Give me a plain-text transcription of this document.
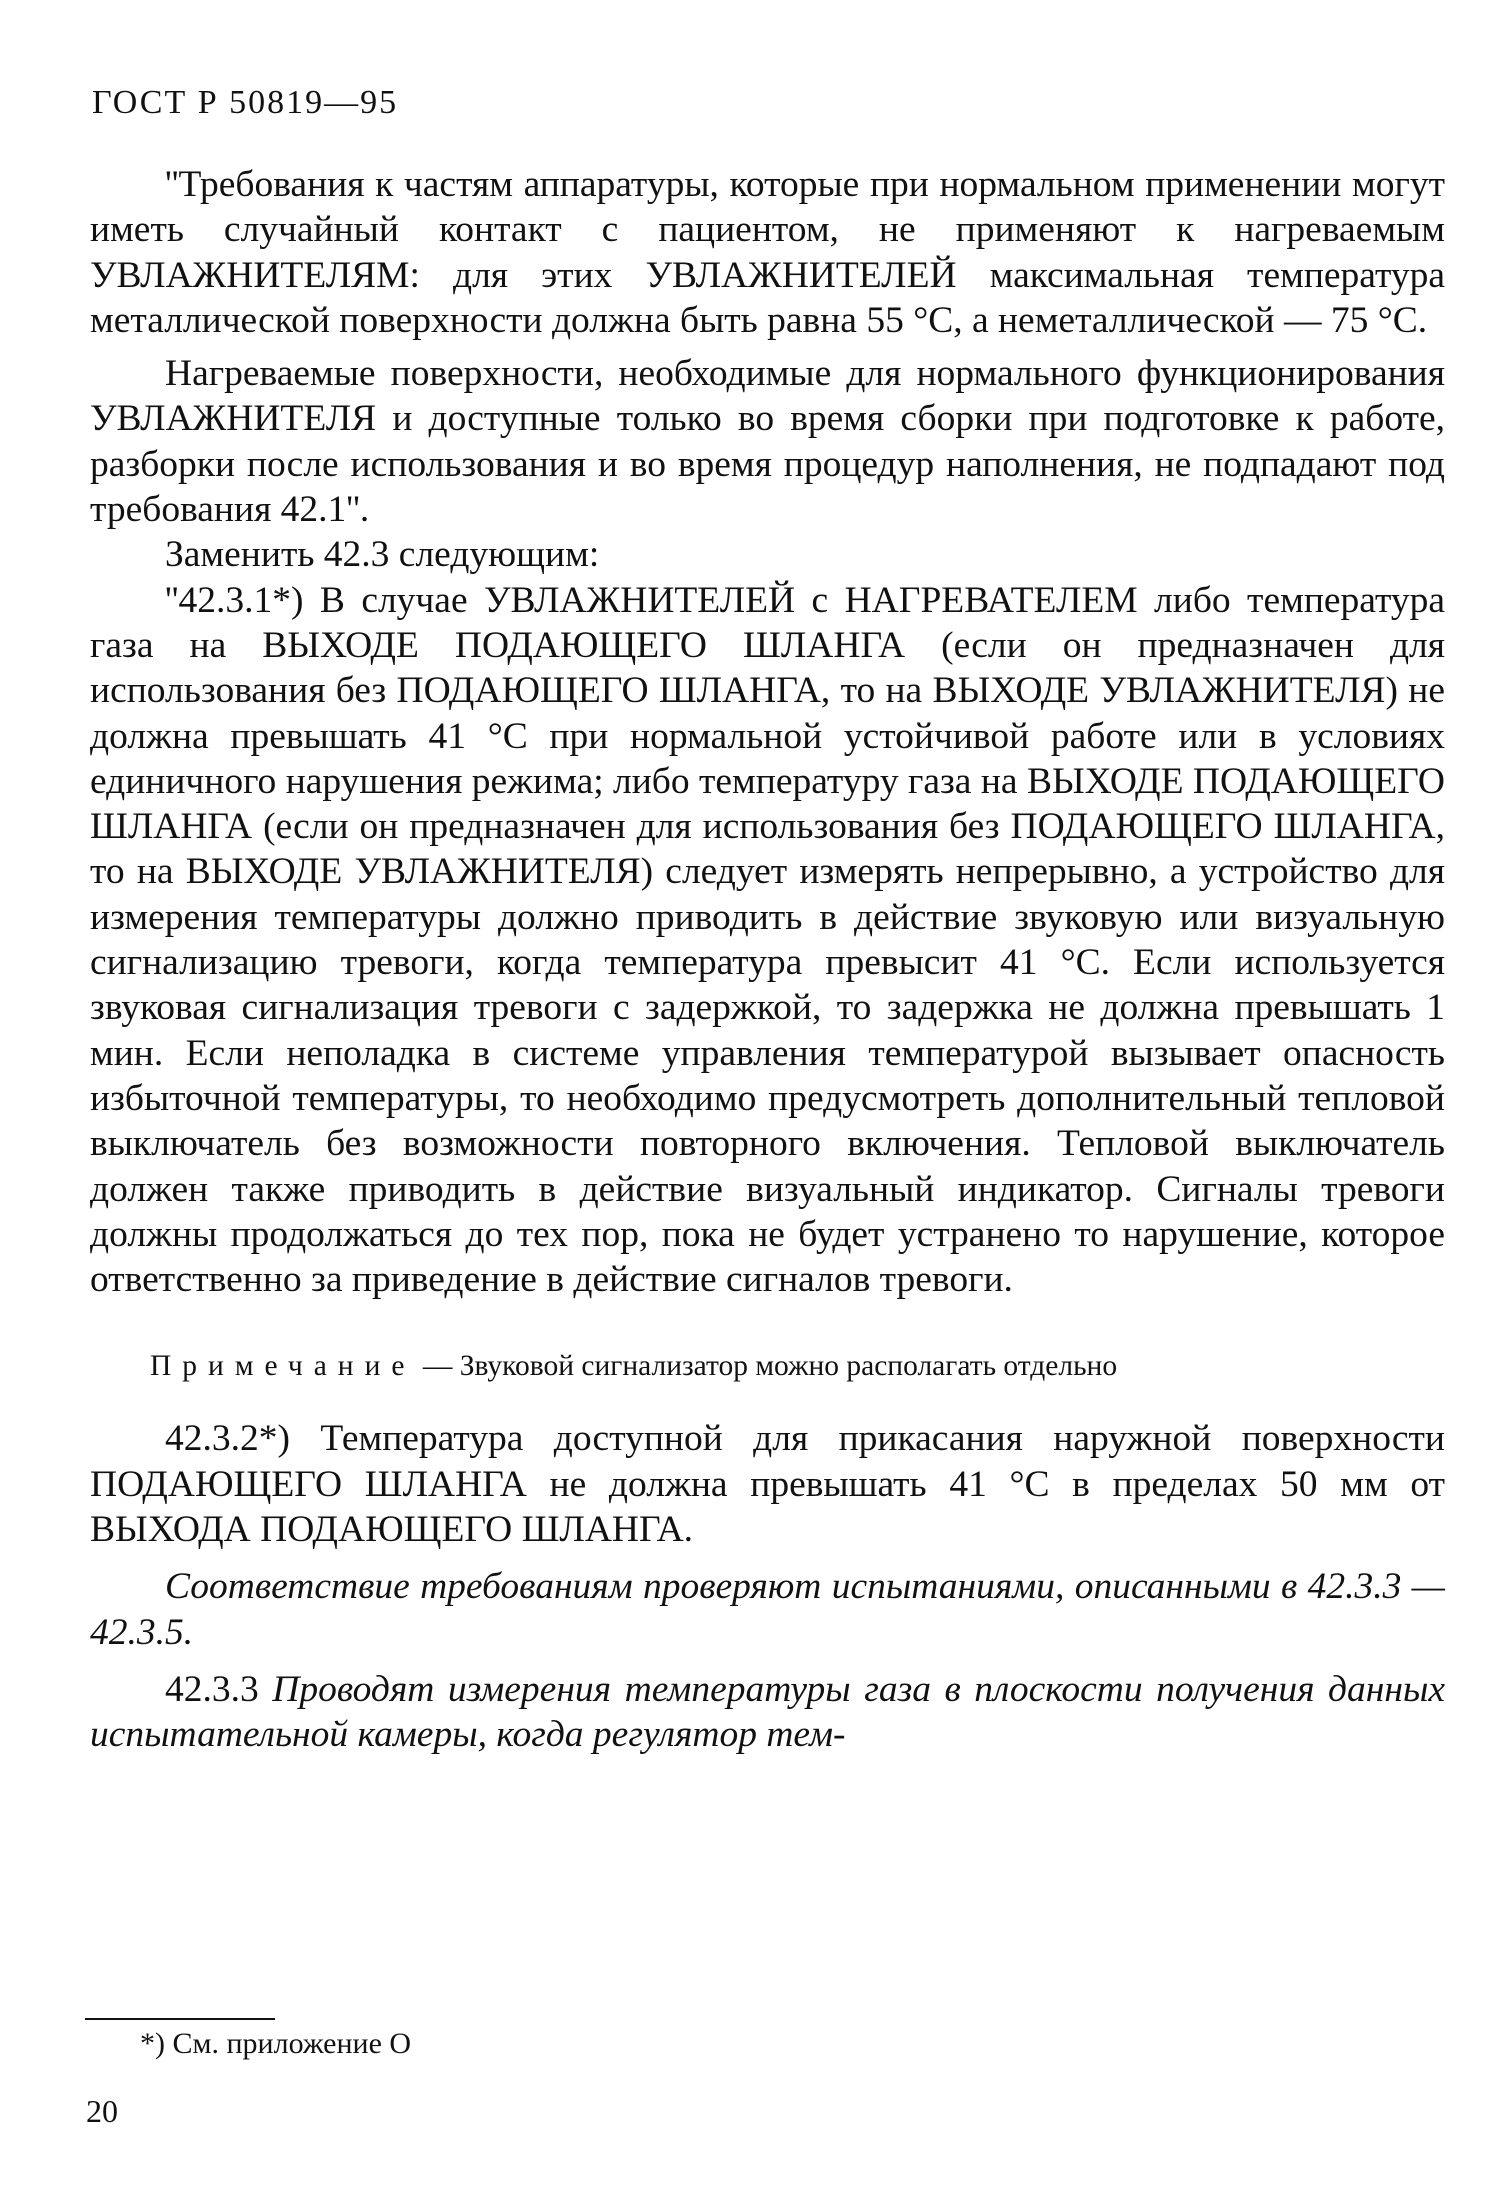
ГОСТ Р 50819—95

''Требования к частям аппаратуры, которые при нормальном применении могут иметь случайный контакт с пациентом, не применяют к нагреваемым УВЛАЖНИТЕЛЯМ: для этих УВЛАЖНИТЕЛЕЙ максимальная температура металлической поверхности должна быть равна 55 °С, а неметаллической — 75 °С.

Нагреваемые поверхности, необходимые для нормального функционирования УВЛАЖНИТЕЛЯ и доступные только во время сборки при подготовке к работе, разборки после использования и во время процедур наполнения, не подпадают под требования 42.1''.

Заменить 42.3 следующим:

''42.3.1*) В случае УВЛАЖНИТЕЛЕЙ с НАГРЕВАТЕЛЕМ либо температура газа на ВЫХОДЕ ПОДАЮЩЕГО ШЛАНГА (если он предназначен для использования без ПОДАЮЩЕГО ШЛАНГА, то на ВЫХОДЕ УВЛАЖНИТЕЛЯ) не должна превышать 41 °С при нормальной устойчивой работе или в условиях единичного нарушения режима; либо температуру газа на ВЫХОДЕ ПОДАЮЩЕГО ШЛАНГА (если он предназначен для использования без ПОДАЮЩЕГО ШЛАНГА, то на ВЫХОДЕ УВЛАЖНИТЕЛЯ) следует измерять непрерывно, а устройство для измерения температуры должно приводить в действие звуковую или визуальную сигнализацию тревоги, когда температура превысит 41 °С. Если используется звуковая сигнализация тревоги с задержкой, то задержка не должна превышать 1 мин. Если неполадка в системе управления температурой вызывает опасность избыточной температуры, то необходимо предусмотреть дополнительный тепловой выключатель без возможности повторного включения. Тепловой выключатель должен также приводить в действие визуальный индикатор. Сигналы тревоги должны продолжаться до тех пор, пока не будет устранено то нарушение, которое ответственно за приведение в действие сигналов тревоги.

Примечание — Звуковой сигнализатор можно располагать отдельно

42.3.2*) Температура доступной для прикасания наружной поверхности ПОДАЮЩЕГО ШЛАНГА не должна превышать 41 °С в пределах 50 мм от ВЫХОДА ПОДАЮЩЕГО ШЛАНГА.

Соответствие требованиям проверяют испытаниями, описанными в 42.3.3 — 42.3.5.

42.3.3 Проводят измерения температуры газа в плоскости получения данных испытательной камеры, когда регулятор тем-

*) См. приложение О
20
